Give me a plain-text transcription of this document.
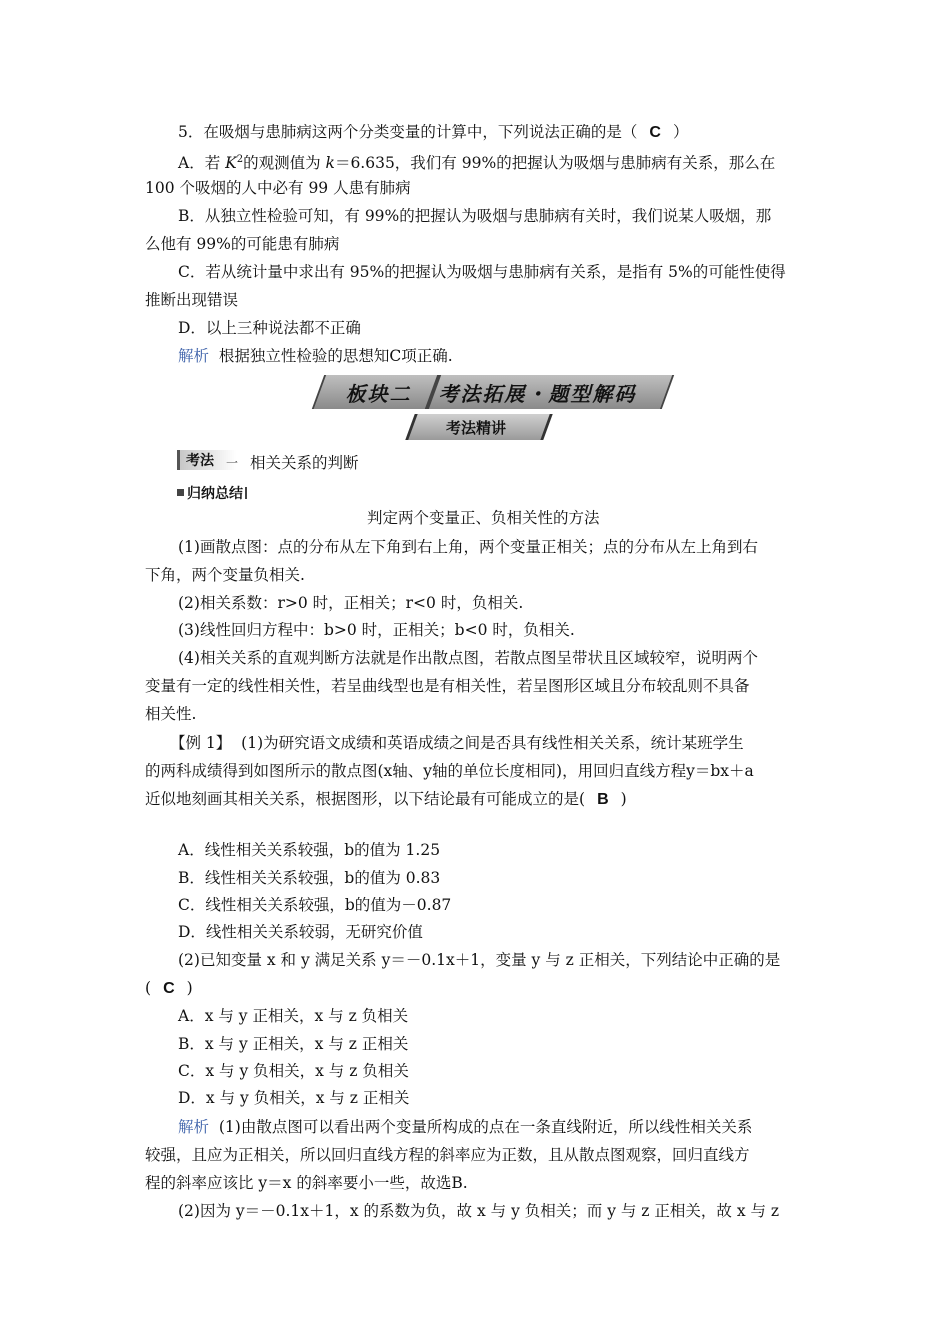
5．在吸烟与患肺病这两个分类变量的计算中，下列说法正确的是（ C ）
A．若 $K^2$的观测值为 k＝6.635，我们有 99%的把握认为吸烟与患肺病有关系，那么在
100 个吸烟的人中必有 99 人患有肺病
B．从独立性检验可知，有 99%的把握认为吸烟与患肺病有关时，我们说某人吸烟，那
么他有 99%的可能患有肺病
C．若从统计量中求出有 95%的把握认为吸烟与患肺病有关系，是指有 5%的可能性使得
推断出现错误
D．以上三种说法都不正确
解析 根据独立性检验的思想知C项正确.
板块二 考法拓展・题型解码
考法精讲
考法 一 相关关系的判断
归纳总结
判定两个变量正、负相关性的方法
(1)画散点图：点的分布从左下角到右上角，两个变量正相关；点的分布从左上角到右
下角，两个变量负相关.
(2)相关系数：r>0 时，正相关；r<0 时，负相关.
(3)线性回归方程中：b>0 时，正相关；b<0 时，负相关.
(4)相关关系的直观判断方法就是作出散点图，若散点图呈带状且区域较窄，说明两个
变量有一定的线性相关性，若呈曲线型也是有相关性，若呈图形区域且分布较乱则不具备
相关性.
【例 1】 (1)为研究语文成绩和英语成绩之间是否具有线性相关关系，统计某班学生
的两科成绩得到如图所示的散点图(x轴、y轴的单位长度相同)，用回归直线方程y＝bx＋a
近似地刻画其相关关系，根据图形，以下结论最有可能成立的是( B )
A．线性相关关系较强，b的值为 1.25
B．线性相关关系较强，b的值为 0.83
C．线性相关关系较强，b的值为－0.87
D．线性相关关系较弱，无研究价值
(2)已知变量 x 和 y 满足关系 y＝－0.1x＋1，变量 y 与 z 正相关，下列结论中正确的是
( C )
A．x 与 y 正相关，x 与 z 负相关
B．x 与 y 正相关，x 与 z 正相关
C．x 与 y 负相关，x 与 z 负相关
D．x 与 y 负相关，x 与 z 正相关
解析 (1)由散点图可以看出两个变量所构成的点在一条直线附近，所以线性相关关系
较强，且应为正相关，所以回归直线方程的斜率应为正数，且从散点图观察，回归直线方
程的斜率应该比 y＝x 的斜率要小一些，故选B.
(2)因为 y＝－0.1x＋1，x 的系数为负，故 x 与 y 负相关；而 y 与 z 正相关，故 x 与 z
